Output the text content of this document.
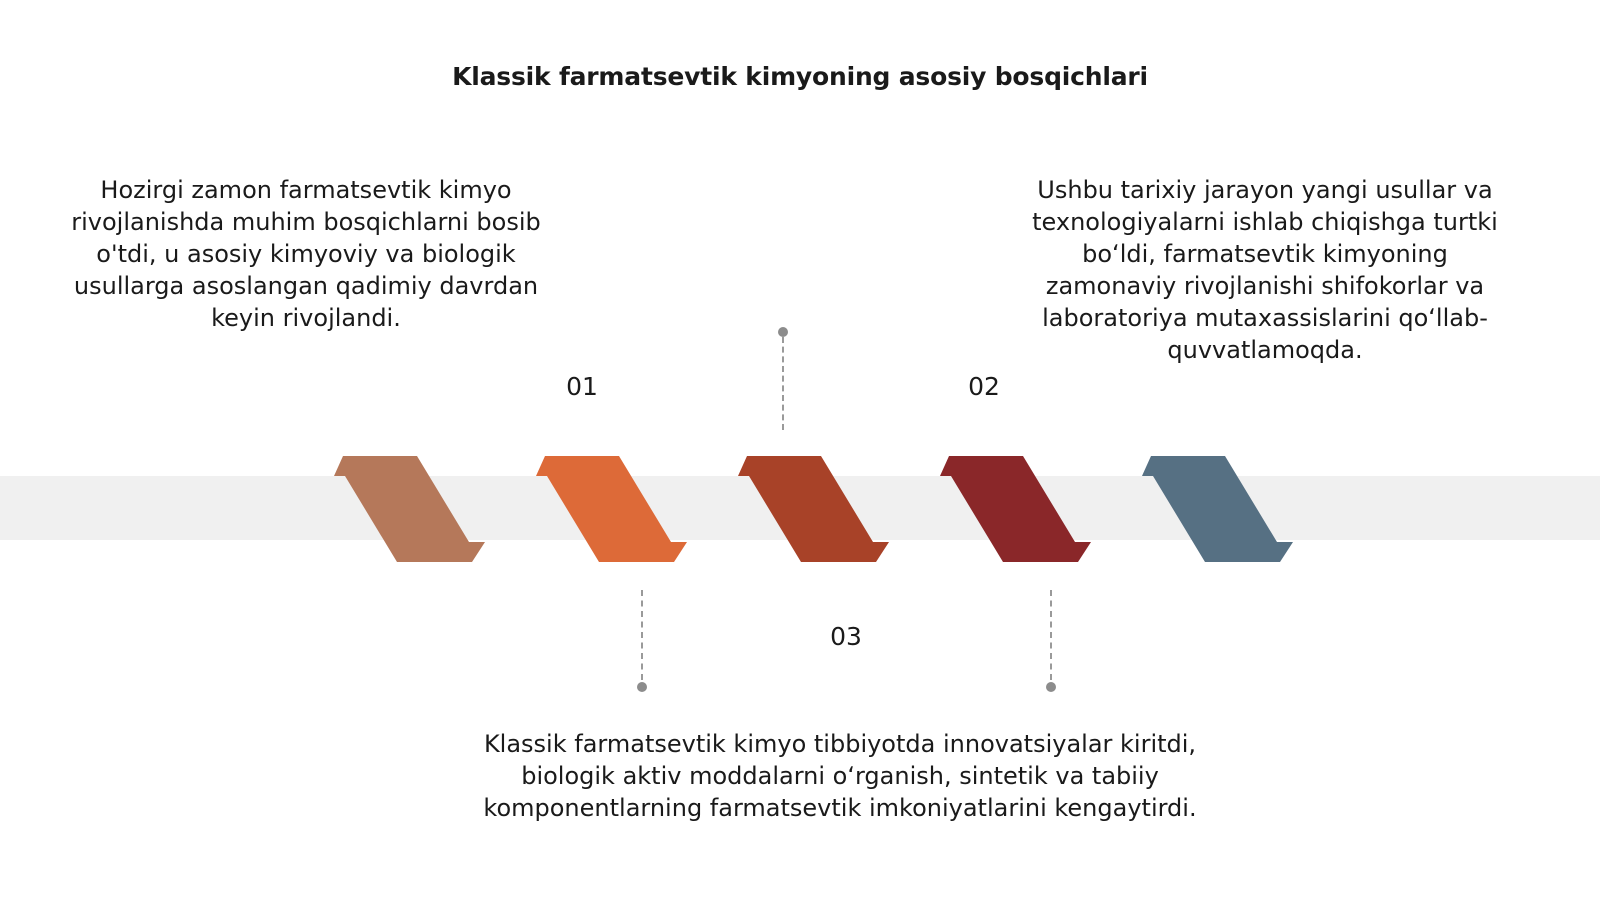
Klassik farmatsevtik kimyoning asosiy bosqichlari

Hozirgi zamon farmatsevtik kimyo rivojlanishda muhim bosqichlarni bosib o'tdi, u asosiy kimyoviy va biologik usullarga asoslangan qadimiy davrdan keyin rivojlandi.

Ushbu tarixiy jarayon yangi usullar va texnologiyalarni ishlab chiqishga turtki boʻldi, farmatsevtik kimyoning zamonaviy rivojlanishi shifokorlar va laboratoriya mutaxassislarini qoʻllab-quvvatlamoqda.

Klassik farmatsevtik kimyo tibbiyotda innovatsiyalar kiritdi, biologik aktiv moddalarni oʻrganish, sintetik va tabiiy komponentlarning farmatsevtik imkoniyatlarini kengaytirdi.

01	02
03
